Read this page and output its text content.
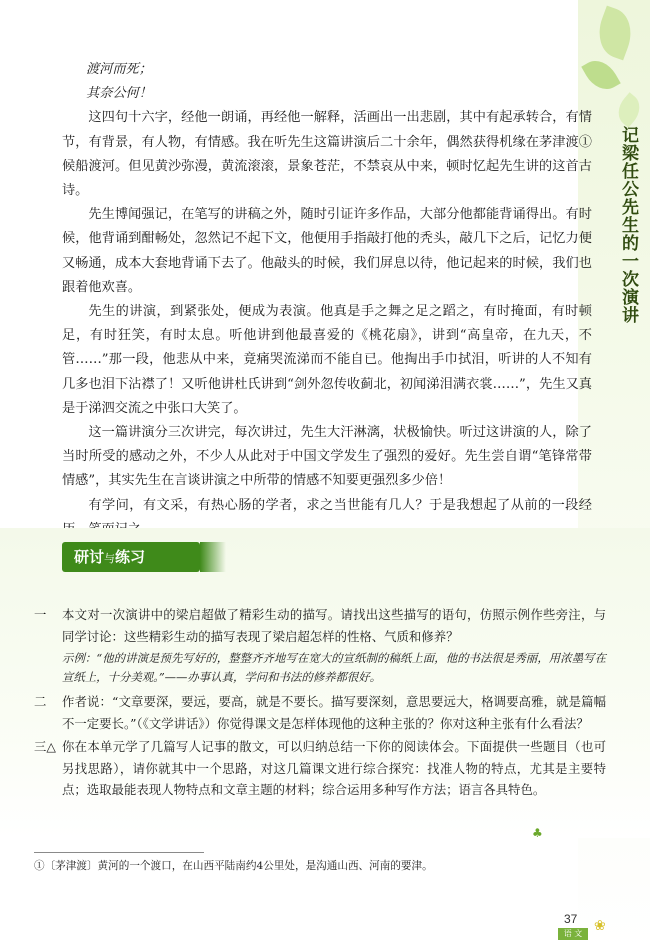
记梁任公先生的一次演讲

渡河而死；

其奈公何！

这四句十六字，经他一朗诵，再经他一解释，活画出一出悲剧，其中有起承转合，有情节，有背景，有人物，有情感。我在听先生这篇讲演后二十余年，偶然获得机缘在茅津渡①候船渡河。但见黄沙弥漫，黄流滚滚，景象苍茫，不禁哀从中来，顿时忆起先生讲的这首古诗。

先生博闻强记，在笔写的讲稿之外，随时引证许多作品，大部分他都能背诵得出。有时候，他背诵到酣畅处，忽然记不起下文，他便用手指敲打他的秃头，敲几下之后，记忆力便又畅通，成本大套地背诵下去了。他敲头的时候，我们屏息以待，他记起来的时候，我们也跟着他欢喜。

先生的讲演，到紧张处，便成为表演。他真是手之舞之足之蹈之，有时掩面，有时顿足，有时狂笑，有时太息。听他讲到他最喜爱的《桃花扇》，讲到“高皇帝，在九天，不管……”那一段，他悲从中来，竟痛哭流涕而不能自已。他掏出手巾拭泪，听讲的人不知有几多也泪下沾襟了！又听他讲杜氏讲到“剑外忽传收蓟北，初闻涕泪满衣裳……”，先生又真是于涕泗交流之中张口大笑了。

这一篇讲演分三次讲完，每次讲过，先生大汗淋漓，状极愉快。听过这讲演的人，除了当时所受的感动之外，不少人从此对于中国文学发生了强烈的爱好。先生尝自谓“笔锋常带情感”，其实先生在言谈讲演之中所带的情感不知要更强烈多少倍！

有学问，有文采，有热心肠的学者，求之当世能有几人？于是我想起了从前的一段经

研讨与练习
一	本文对一次演讲中的梁启超做了精彩生动的描写。请找出这些描写的语句，仿照示例作些旁注，与同学讨论：这些精彩生动的描写表现了梁启超怎样的性格、气质和修养？

示例：“他的讲演是预先写好的，整整齐齐地写在宽大的宣纸制的稿纸上面，他的书法很是秀丽，用浓墨写在宣纸上，十分美观。”——办事认真，学问和书法的修养都很好。

二	作者说：“文章要深，要远，要高，就是不要长。描写要深刻，意思要远大，格调要高雅，就是篇幅不一定要长。”（《文学讲话》）你觉得课文是怎样体现他的这种主张的？你对这种主张有什么看法？
三△ 你在本单元学了几篇写人记事的散文，可以归纳总结一下你的阅读体会。下面提供一些题目（也可另找思路），请你就其中一个思路，对这几篇课文进行综合探究：找准人物的特点，尤其是主要特点；选取最能表现人物特点和文章主题的材料；综合运用多种写作方法；语言各具特色。
♣

①〔茅津渡〕黄河的一个渡口，在山西平陆南约4公里处，是沟通山西、河南的要津。

37
语 文 ❀
